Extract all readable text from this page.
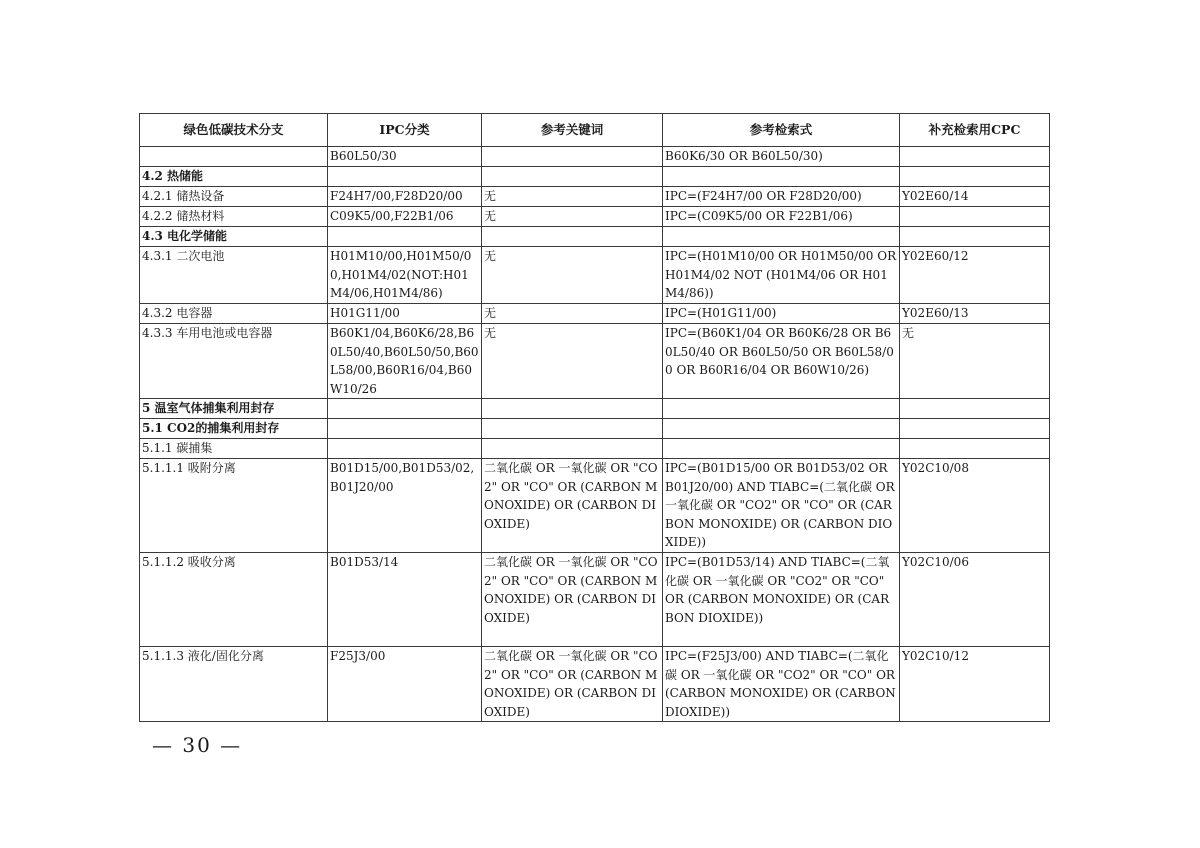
绿色低碳技术分支	IPC分类	参考关键词	参考检索式	补充检索用CPC
	B60L50/30		B60K6/30 OR B60L50/30)	
4.2 热储能				
4.2.1 储热设备	F24H7/00,F28D20/00	无	IPC=(F24H7/00 OR F28D20/00)	Y02E60/14
4.2.2 储热材料	C09K5/00,F22B1/06	无	IPC=(C09K5/00 OR F22B1/06)	
4.3 电化学储能				
4.3.1 二次电池	H01M10/00,H01M50/00,H01M4/02(NOT:H01M4/06,H01M4/86)	无	IPC=(H01M10/00 OR H01M50/00 OR H01M4/02 NOT (H01M4/06 OR H01M4/86))	Y02E60/12
4.3.2 电容器	H01G11/00	无	IPC=(H01G11/00)	Y02E60/13
4.3.3 车用电池或电容器	B60K1/04,B60K6/28,B60L50/40,B60L50/50,B60L58/00,B60R16/04,B60W10/26	无	IPC=(B60K1/04 OR B60K6/28 OR B60L50/40 OR B60L50/50 OR B60L58/00 OR B60R16/04 OR B60W10/26)	无
5 温室气体捕集利用封存				
5.1 CO2的捕集利用封存				
5.1.1 碳捕集				
5.1.1.1 吸附分离	B01D15/00,B01D53/02,B01J20/00	二氧化碳 OR 一氧化碳 OR "CO2" OR "CO" OR (CARBON MONOXIDE) OR (CARBON DIOXIDE)	IPC=(B01D15/00 OR B01D53/02 OR B01J20/00) AND TIABC=(二氧化碳 OR 一氧化碳 OR "CO2" OR "CO" OR (CARBON MONOXIDE) OR (CARBON DIOXIDE))	Y02C10/08
5.1.1.2 吸收分离	B01D53/14	二氧化碳 OR 一氧化碳 OR "CO2" OR "CO" OR (CARBON MONOXIDE) OR (CARBON DIOXIDE)	IPC=(B01D53/14) AND TIABC=(二氧化碳 OR 一氧化碳 OR "CO2" OR "CO" OR (CARBON MONOXIDE) OR (CARBON DIOXIDE))	Y02C10/06
5.1.1.3 液化/固化分离	F25J3/00	二氧化碳 OR 一氧化碳 OR "CO2" OR "CO" OR (CARBON MONOXIDE) OR (CARBON DIOXIDE)	IPC=(F25J3/00) AND TIABC=(二氧化碳 OR 一氧化碳 OR "CO2" OR "CO" OR (CARBON MONOXIDE) OR (CARBON DIOXIDE))	Y02C10/12
— 30 —
